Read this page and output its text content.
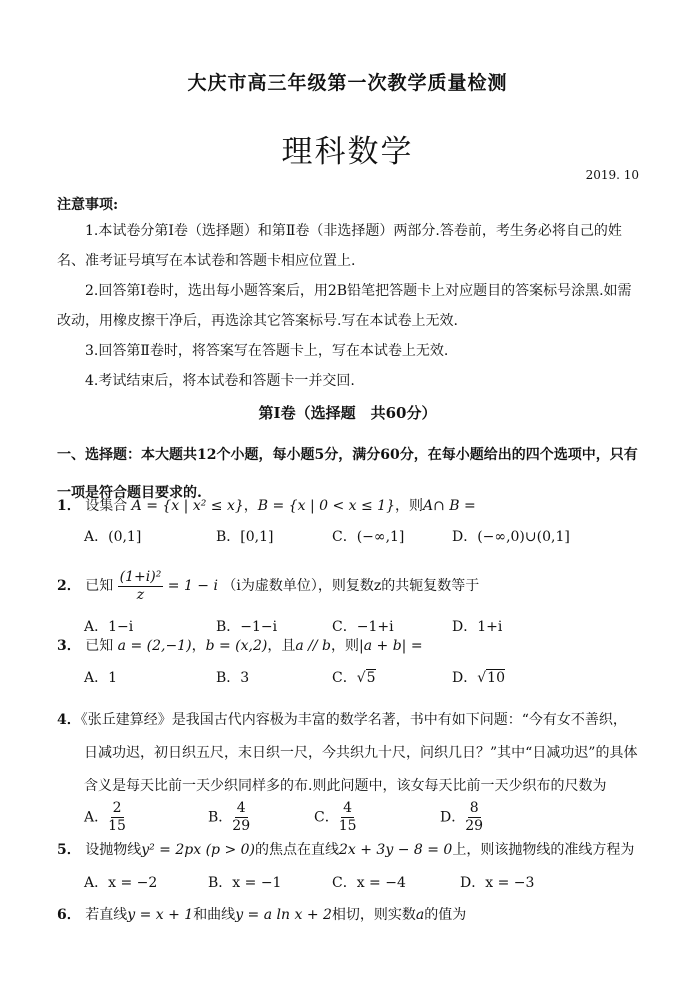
大庆市高三年级第一次教学质量检测
理科数学
2019. 10
注意事项:
1.本试卷分第Ⅰ卷（选择题）和第Ⅱ卷（非选择题）两部分.答卷前，考生务必将自己的姓名、准考证号填写在本试卷和答题卡相应位置上.
2.回答第Ⅰ卷时，选出每小题答案后，用2B铅笔把答题卡上对应题目的答案标号涂黑.如需改动，用橡皮擦干净后，再选涂其它答案标号.写在本试卷上无效.
3.回答第Ⅱ卷时，将答案写在答题卡上，写在本试卷上无效.
4.考试结束后，将本试卷和答题卡一并交回.
第Ⅰ卷（选择题　共60分）
一、选择题：本大题共12个小题，每小题5分，满分60分，在每小题给出的四个选项中，只有一项是符合题目要求的.
1． 设集合 A = {x | x² ≤ x}，B = {x | 0 < x ≤ 1}，则A∩ B =
A．(0,1]	B．[0,1]	C．(−∞,1]	D．(−∞,0)∪(0,1]
2． 已知 $\frac{\text{(1+i)²}}{z} = 1 - i$ （i为虚数单位），则复数z的共轭复数等于
A．1−i	B．−1−i	C．−1+i	D．1+i
3． 已知 a = (2,−1)，b = (x,2)，且a // b，则|a + b| =
A．1	B．3	C．√5	D．√10
4．《张丘建算经》是我国古代内容极为丰富的数学名著，书中有如下问题：“今有女不善织，日减功迟，初日织五尺，末日织一尺，今共织九十尺，问织几日？”其中“日减功迟”的具体含义是每天比前一天少织同样多的布.则此问题中，该女每天比前一天少织布的尺数为
A． $\frac{2}{15}$	B． $\frac{4}{29}$	C． $\frac{4}{15}$	D． $\frac{8}{29}$
5． 设抛物线y² = 2px (p > 0)的焦点在直线2x + 3y − 8 = 0上，则该抛物线的准线方程为
A．x = −2	B．x = −1	C．x = −4	D．x = −3
6． 若直线y = x + 1和曲线y = a ln x + 2相切，则实数a的值为
